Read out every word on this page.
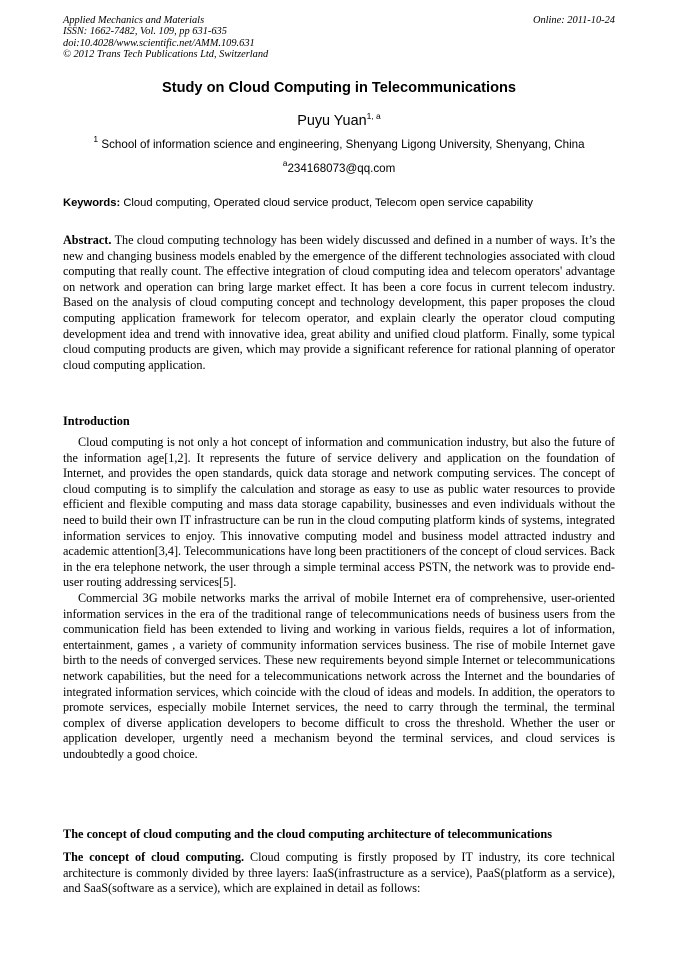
Applied Mechanics and Materials
ISSN: 1662-7482, Vol. 109, pp 631-635
doi:10.4028/www.scientific.net/AMM.109.631
© 2012 Trans Tech Publications Ltd, Switzerland
Online: 2011-10-24
Study on Cloud Computing in Telecommunications
Puyu Yuan$^{1, a}$
$^1$ School of information science and engineering, Shenyang Ligong University, Shenyang, China
$^a$234168073@qq.com
Keywords: Cloud computing, Operated cloud service product, Telecom open service capability

Abstract. The cloud computing technology has been widely discussed and defined in a number of ways. It’s the new and changing business models enabled by the emergence of the different technologies associated with cloud computing that really count. The effective integration of cloud computing idea and telecom operators' advantage on network and operation can bring large market effect. It has been a core focus in current telecom industry. Based on the analysis of cloud computing concept and technology development, this paper proposes the cloud computing application framework for telecom operator, and explain clearly the operator cloud computing development idea and trend with innovative idea, great ability and unified cloud platform. Finally, some typical cloud computing products are given, which may provide a significant reference for rational planning of operator cloud computing application.

Introduction

Cloud computing is not only a hot concept of information and communication industry, but also the future of the information age[1,2]. It represents the future of service delivery and application on the foundation of Internet, and provides the open standards, quick data storage and network computing services. The concept of cloud computing is to simplify the calculation and storage as easy to use as public water resources to provide efficient and flexible computing and mass data storage capability, businesses and even individuals without the need to build their own IT infrastructure can be run in the cloud computing platform kinds of systems, integrated information services to enjoy. This innovative computing model and business model attracted industry and academic attention[3,4]. Telecommunications have long been practitioners of the concept of cloud services. Back in the era telephone network, the user through a simple terminal access PSTN, the network was to provide end-user routing addressing services[5].

Commercial 3G mobile networks marks the arrival of mobile Internet era of comprehensive, user-oriented information services in the era of the traditional range of telecommunications needs of business users from the communication field has been extended to living and working in various fields, requires a lot of information, entertainment, games , a variety of community information services business. The rise of mobile Internet gave birth to the needs of converged services. These new requirements beyond simple Internet or telecommunications network capabilities, but the need for a telecommunications network across the Internet and the boundaries of integrated information services, which coincide with the cloud of ideas and models. In addition, the operators to promote services, especially mobile Internet services, the need to carry through the terminal, the terminal complex of diverse application developers to become difficult to cross the threshold. Whether the user or application developer, urgently need a mechanism beyond the terminal services, and cloud services is undoubtedly a good choice.

The concept of cloud computing and the cloud computing architecture of telecommunications

The concept of cloud computing. Cloud computing is firstly proposed by IT industry, its core technical architecture is commonly divided by three layers: IaaS(infrastructure as a service), PaaS(platform as a service), and SaaS(software as a service), which are explained in detail as follows:
